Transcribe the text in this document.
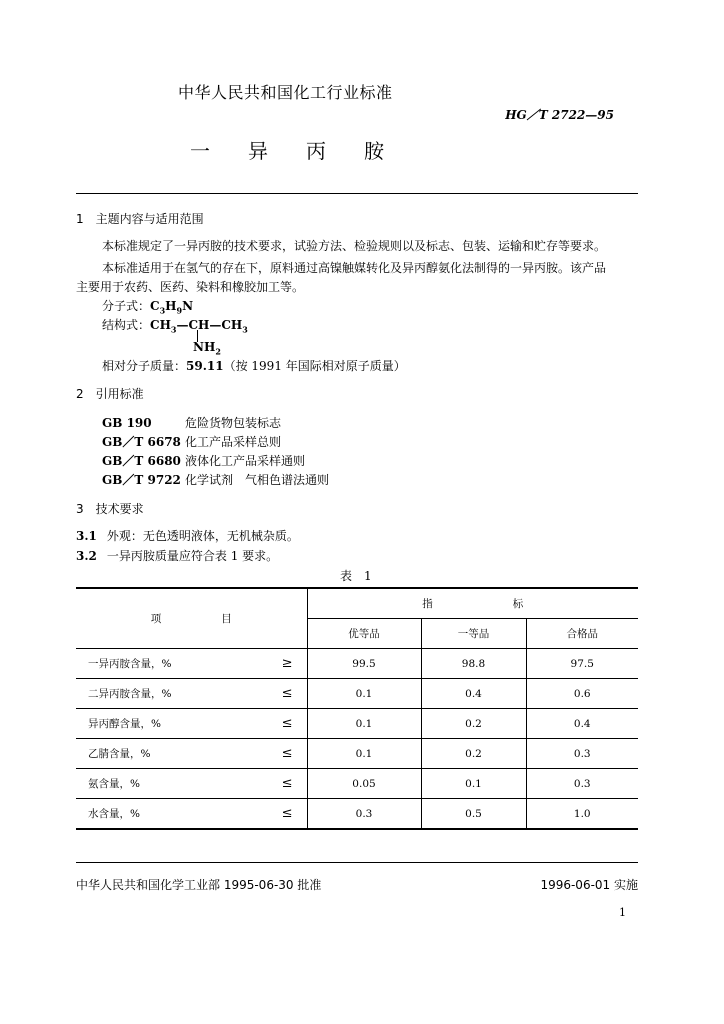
中华人民共和国化工行业标准
HG／T 2722—95
一 异 丙 胺
1 主题内容与适用范围
本标准规定了一异丙胺的技术要求，试验方法、检验规则以及标志、包装、运输和贮存等要求。
本标准适用于在氢气的存在下，原料通过高镍触媒转化及异丙醇氨化法制得的一异丙胺。该产品
主要用于农药、医药、染料和橡胶加工等。
分子式：$C_3H_9N$
结构式：$CH_3—CH—CH_3$
$NH_2$
相对分子质量：59.11（按 1991 年国际相对原子质量）
2 引用标准
GB 190	危险货物包装标志
GB／T 6678 化工产品采样总则
GB／T 6680 液体化工产品采样通则
GB／T 9722 化学试剂　气相色谱法通则
3 技术要求
3.1 外观：无色透明液体，无机械杂质。
3.2 一异丙胺质量应符合表 1 要求。
表　1
项 目		指 标		
		优等品	一等品	合格品
一异丙胺含量，%	≥	99.5	98.8	97.5
二异丙胺含量，%	≤	0.1	0.4	0.6
异丙醇含量，%	≤	0.1	0.2	0.4
乙腈含量，%	≤	0.1	0.2	0.3
氨含量，%	≤	0.05	0.1	0.3
水含量，%	≤	0.3	0.5	1.0
中华人民共和国化学工业部 1995-06-30 批准	1996-06-01 实施
1
